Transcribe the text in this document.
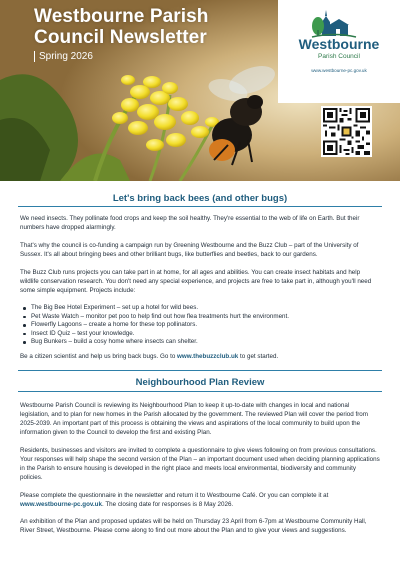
Westbourne Parish
Council Newsletter
Spring 2026
Westbourne
Parish Council
www.westbourne-pc.gov.uk
Let's bring back bees (and other bugs)

We need insects. They pollinate food crops and keep the soil healthy. They're essential to the web of life on Earth. But their numbers have dropped alarmingly.

That's why the council is co-funding a campaign run by Greening Westbourne and the Buzz Club – part of the University of Sussex. It's all about bringing bees and other brilliant bugs, like butterflies and beetles, back to our gardens.

The Buzz Club runs projects you can take part in at home, for all ages and abilities. You can create insect habitats and help wildlife conservation research. You don't need any special experience, and projects are free to take part in, although you'll need some simple equipment. Projects include:

The Big Bee Hotel Experiment – set up a hotel for wild bees.
Pet Waste Watch – monitor pet poo to help find out how flea treatments hurt the environment.
Flowerfly Lagoons – create a home for these top pollinators.
Insect ID Quiz – test your knowledge.
Bug Bunkers – build a cosy home where insects can shelter.

Be a citizen scientist and help us bring back bugs. Go to www.thebuzzclub.uk to get started.

Neighbourhood Plan Review

Westbourne Parish Council is reviewing its Neighbourhood Plan to keep it up-to-date with changes in local and national legislation, and to plan for new homes in the Parish allocated by the government. The reviewed Plan will cover the period from 2025-2039. An important part of this process is obtaining the views and aspirations of the local community to build upon the information given to the Council to develop the first and existing Plan.

Residents, businesses and visitors are invited to complete a questionnaire to give views following on from previous consultations. Your responses will help shape the second version of the Plan – an important document used when deciding planning applications in the Parish to ensure housing is developed in the right place and meets local environmental, biodiversity and community policies.

Please complete the questionnaire in the newsletter and return it to Westbourne Café. Or you can complete it at www.westbourne-pc.gov.uk. The closing date for responses is 8 May 2026.

An exhibition of the Plan and proposed updates will be held on Thursday 23 April from 6-7pm at Westbourne Community Hall, River Street, Westbourne. Please come along to find out more about the Plan and to give your views and suggestions.
